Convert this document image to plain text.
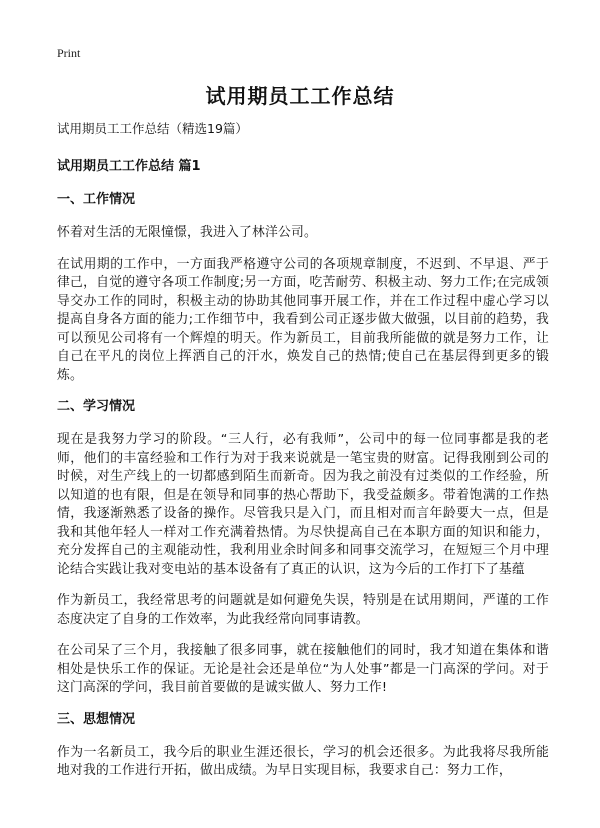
Print
试用期员工工作总结

试用期员工工作总结（精选19篇）

试用期员工工作总结 篇1

一、工作情况

怀着对生活的无限憧憬，我进入了林洋公司。

在试用期的工作中，一方面我严格遵守公司的各项规章制度，不迟到、不早退、严于律己，自觉的遵守各项工作制度;另一方面，吃苦耐劳、积极主动、努力工作;在完成领导交办工作的同时，积极主动的协助其他同事开展工作，并在工作过程中虚心学习以提高自身各方面的能力;工作细节中，我看到公司正逐步做大做强，以目前的趋势，我可以预见公司将有一个辉煌的明天。作为新员工，目前我所能做的就是努力工作，让自己在平凡的岗位上挥洒自己的汗水，焕发自己的热情;使自己在基层得到更多的锻炼。

二、学习情况

现在是我努力学习的阶段。“三人行，必有我师”，公司中的每一位同事都是我的老师，他们的丰富经验和工作行为对于我来说就是一笔宝贵的财富。记得我刚到公司的时候，对生产线上的一切都感到陌生而新奇。因为我之前没有过类似的工作经验，所以知道的也有限，但是在领导和同事的热心帮助下，我受益颇多。带着饱满的工作热情，我逐渐熟悉了设备的操作。尽管我只是入门，而且相对而言年龄要大一点，但是我和其他年轻人一样对工作充满着热情。为尽快提高自己在本职方面的知识和能力，充分发挥自己的主观能动性，我利用业余时间多和同事交流学习，在短短三个月中理论结合实践让我对变电站的基本设备有了真正的认识，这为今后的工作打下了基蕴

作为新员工，我经常思考的问题就是如何避免失误，特别是在试用期间，严谨的工作态度决定了自身的工作效率，为此我经常向同事请教。

在公司呆了三个月，我接触了很多同事，就在接触他们的同时，我才知道在集体和谐相处是快乐工作的保证。无论是社会还是单位“为人处事”都是一门高深的学问。对于这门高深的学问，我目前首要做的是诚实做人、努力工作!

三、思想情况

作为一名新员工，我今后的职业生涯还很长，学习的机会还很多。为此我将尽我所能地对我的工作进行开拓，做出成绩。为早日实现目标，我要求自己：努力工作，
